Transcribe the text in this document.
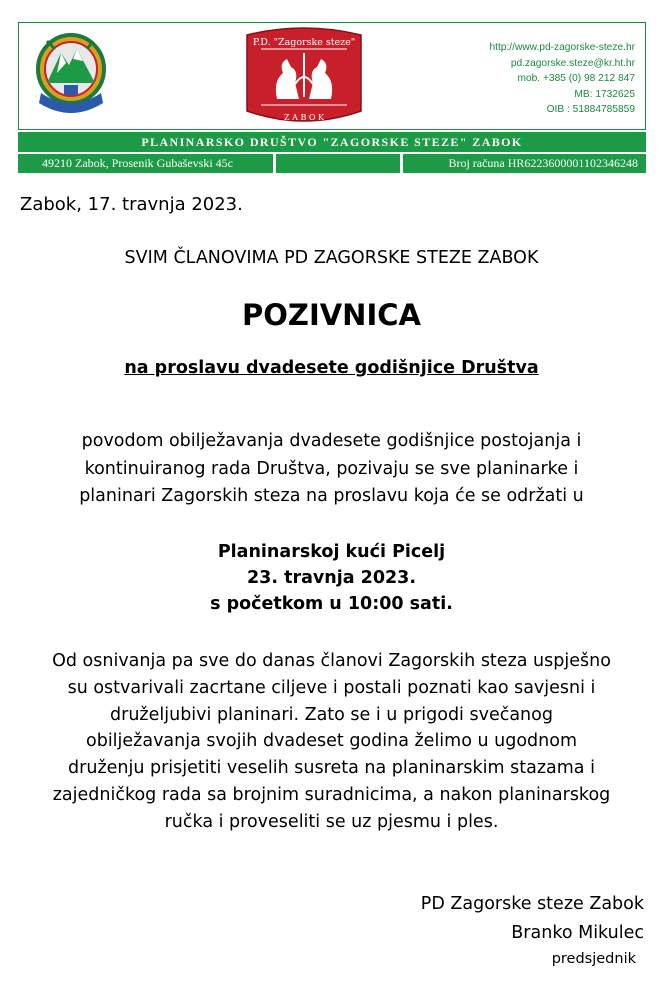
P.D. "Zagorske steze"
Z A B O K
http://www.pd-zagorske-steze.hr
pd.zagorske.steze@kr.ht.hr
mob. +385 (0) 98 212 847
MB: 1732625
OIB : 51884785859
PLANINARSKO DRUŠTVO "ZAGORSKE STEZE" ZABOK
49210 Zabok, Prosenik Gubaševski 45c	Broj računa HR6223600001102346248
Zabok, 17. travnja 2023.
SVIM ČLANOVIMA PD ZAGORSKE STEZE ZABOK
POZIVNICA
na proslavu dvadesete godišnjice Društva
povodom obilježavanja dvadesete godišnjice postojanja i
kontinuiranog rada Društva, pozivaju se sve planinarke i
planinari Zagorskih steza na proslavu koja će se održati u
Planinarskoj kući Picelj
23. travnja 2023.
s početkom u 10:00 sati.
Od osnivanja pa sve do danas članovi Zagorskih steza uspješno
su ostvarivali zacrtane ciljeve i postali poznati kao savjesni i
druželjubivi planinari. Zato se i u prigodi svečanog
obilježavanja svojih dvadeset godina želimo u ugodnom
druženju prisjetiti veselih susreta na planinarskim stazama i
zajedničkog rada sa brojnim suradnicima, a nakon planinarskog
ručka i proveseliti se uz pjesmu i ples.
PD Zagorske steze Zabok
Branko Mikulec
predsjednik
